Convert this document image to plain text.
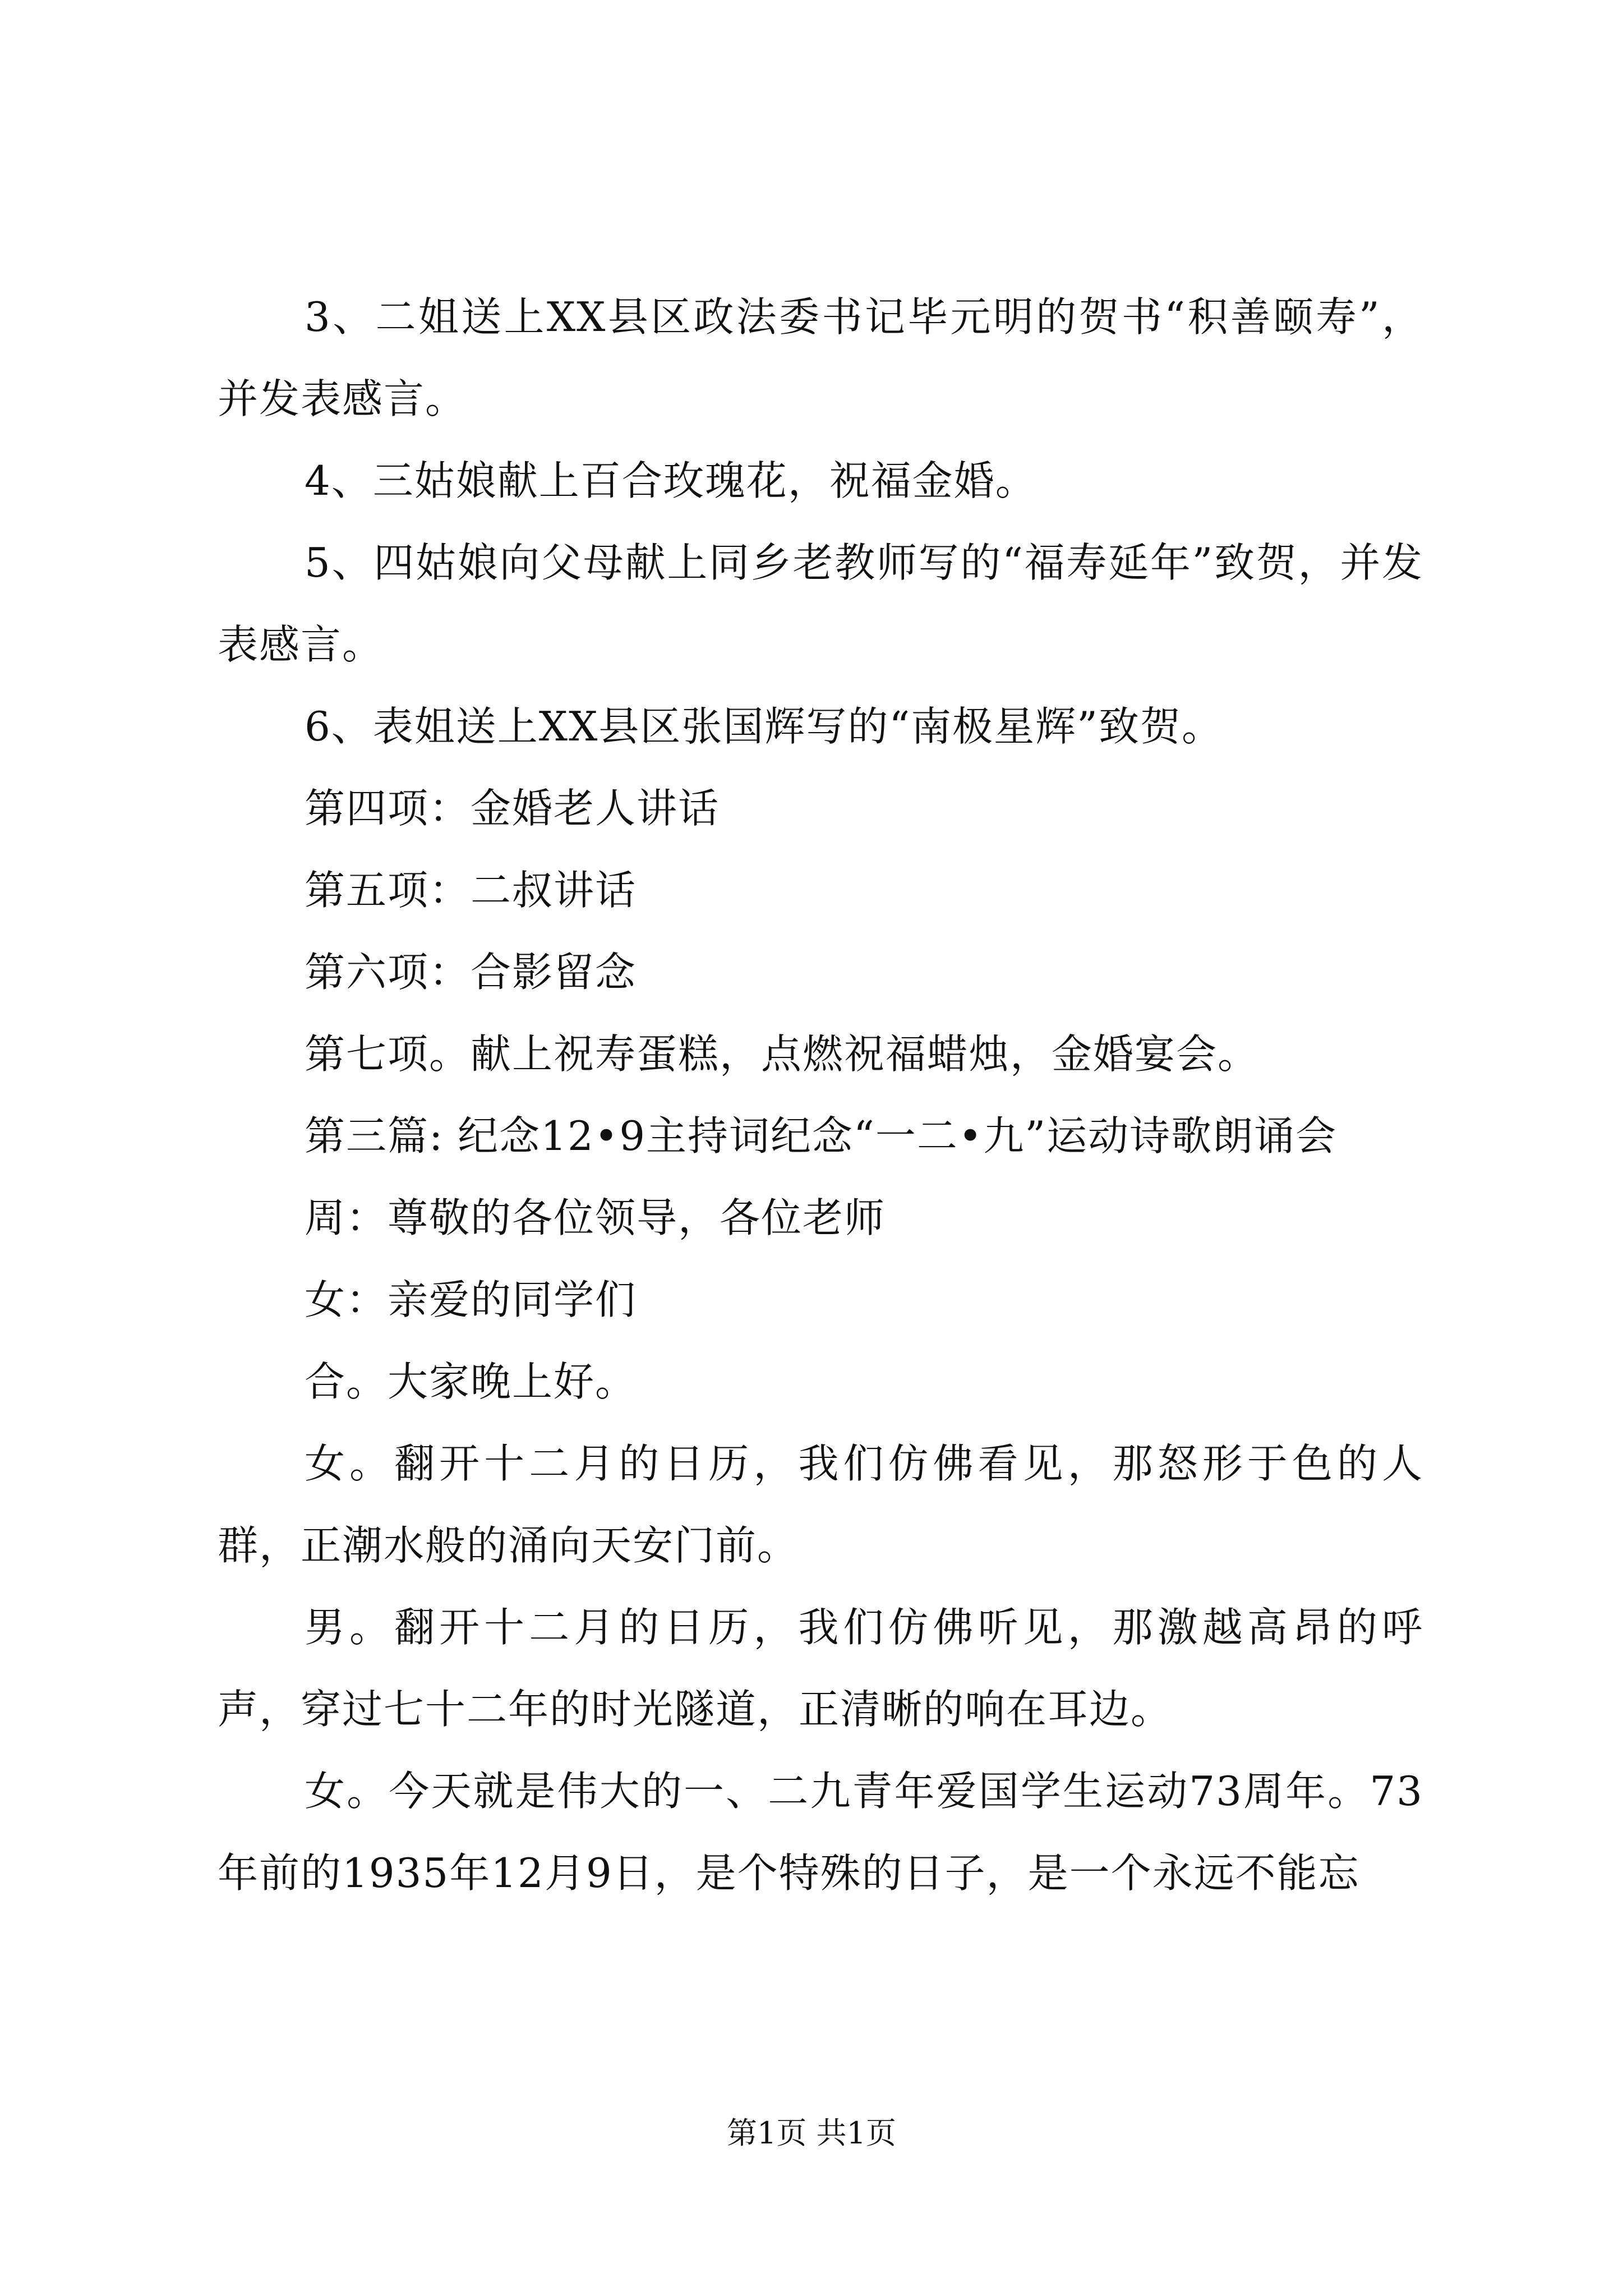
3、二姐送上XX县区政法委书记毕元明的贺书“积善颐寿”，并发表感言。

4、三姑娘献上百合玫瑰花，祝福金婚。

5、四姑娘向父母献上同乡老教师写的“福寿延年”致贺，并发表感言。

6、表姐送上XX县区张国辉写的“南极星辉”致贺。

第四项：金婚老人讲话

第五项：二叔讲话

第六项：合影留念

第七项。献上祝寿蛋糕，点燃祝福蜡烛，金婚宴会。

第三篇: 纪念12•9主持词纪念“一二•九”运动诗歌朗诵会

周：尊敬的各位领导，各位老师

女：亲爱的同学们

合。大家晚上好。

女。翻开十二月的日历，我们仿佛看见，那怒形于色的人群，正潮水般的涌向天安门前。

男。翻开十二月的日历，我们仿佛听见，那激越高昂的呼声，穿过七十二年的时光隧道，正清晰的响在耳边。

女。今天就是伟大的一、二九青年爱国学生运动73周年。73年前的1935年12月9日，是个特殊的日子，是一个永远不能忘

第1页 共1页
